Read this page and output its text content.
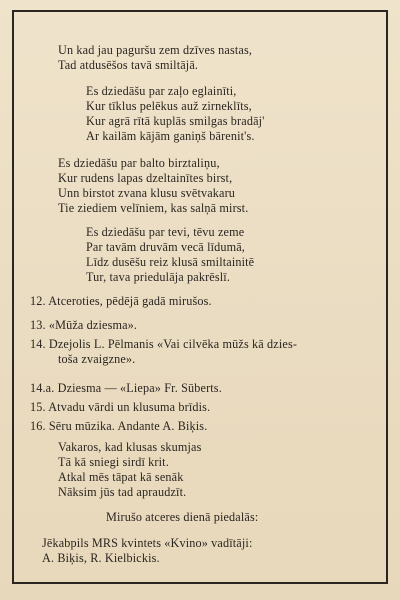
Un kad jau paguršu zem dzīves nastas,
Tad atdusēšos tavā smiltājā.
Es dziedāšu par zaļo eglainīti,
Kur tīklus pelēkus auž zirneklīts,
Kur agrā rītā kuplās smilgas bradāj'
Ar kailām kājām ganiņš bārenit's.
Es dziedāšu par balto birztaliņu,
Kur rudens lapas dzeltainītes birst,
Unn birstot zvana klusu svētvakaru
Tie ziediem velīniem, kas salņā mirst.
Es dziedāšu par tevi, tēvu zeme
Par tavām druvām vecā līdumā,
Līdz dusēšu reiz klusā smiltainitē
Tur, tava priedulāja pakrēslī.
12. Atceroties, pēdējā gadā mirušos.
13. «Mūža dziesma».
14. Dzejolis L. Pēlmanis «Vai cilvēka mūžs kā dzies-
toša zvaigzne».
14.a. Dziesma — «Liepa» Fr. Sūberts.
15. Atvadu vārdi un klusuma brīdis.
16. Sēru mūzika. Andante A. Biķis.
Vakaros, kad klusas skumjas
Tā kā sniegi sirdī krit.
Atkal mēs tāpat kā senāk
Nāksim jūs tad apraudzīt.
Mirušo atceres dienā piedalās:
Jēkabpils MRS kvintets «Kvino» vadītāji:
A. Biķis, R. Kielbickis.
